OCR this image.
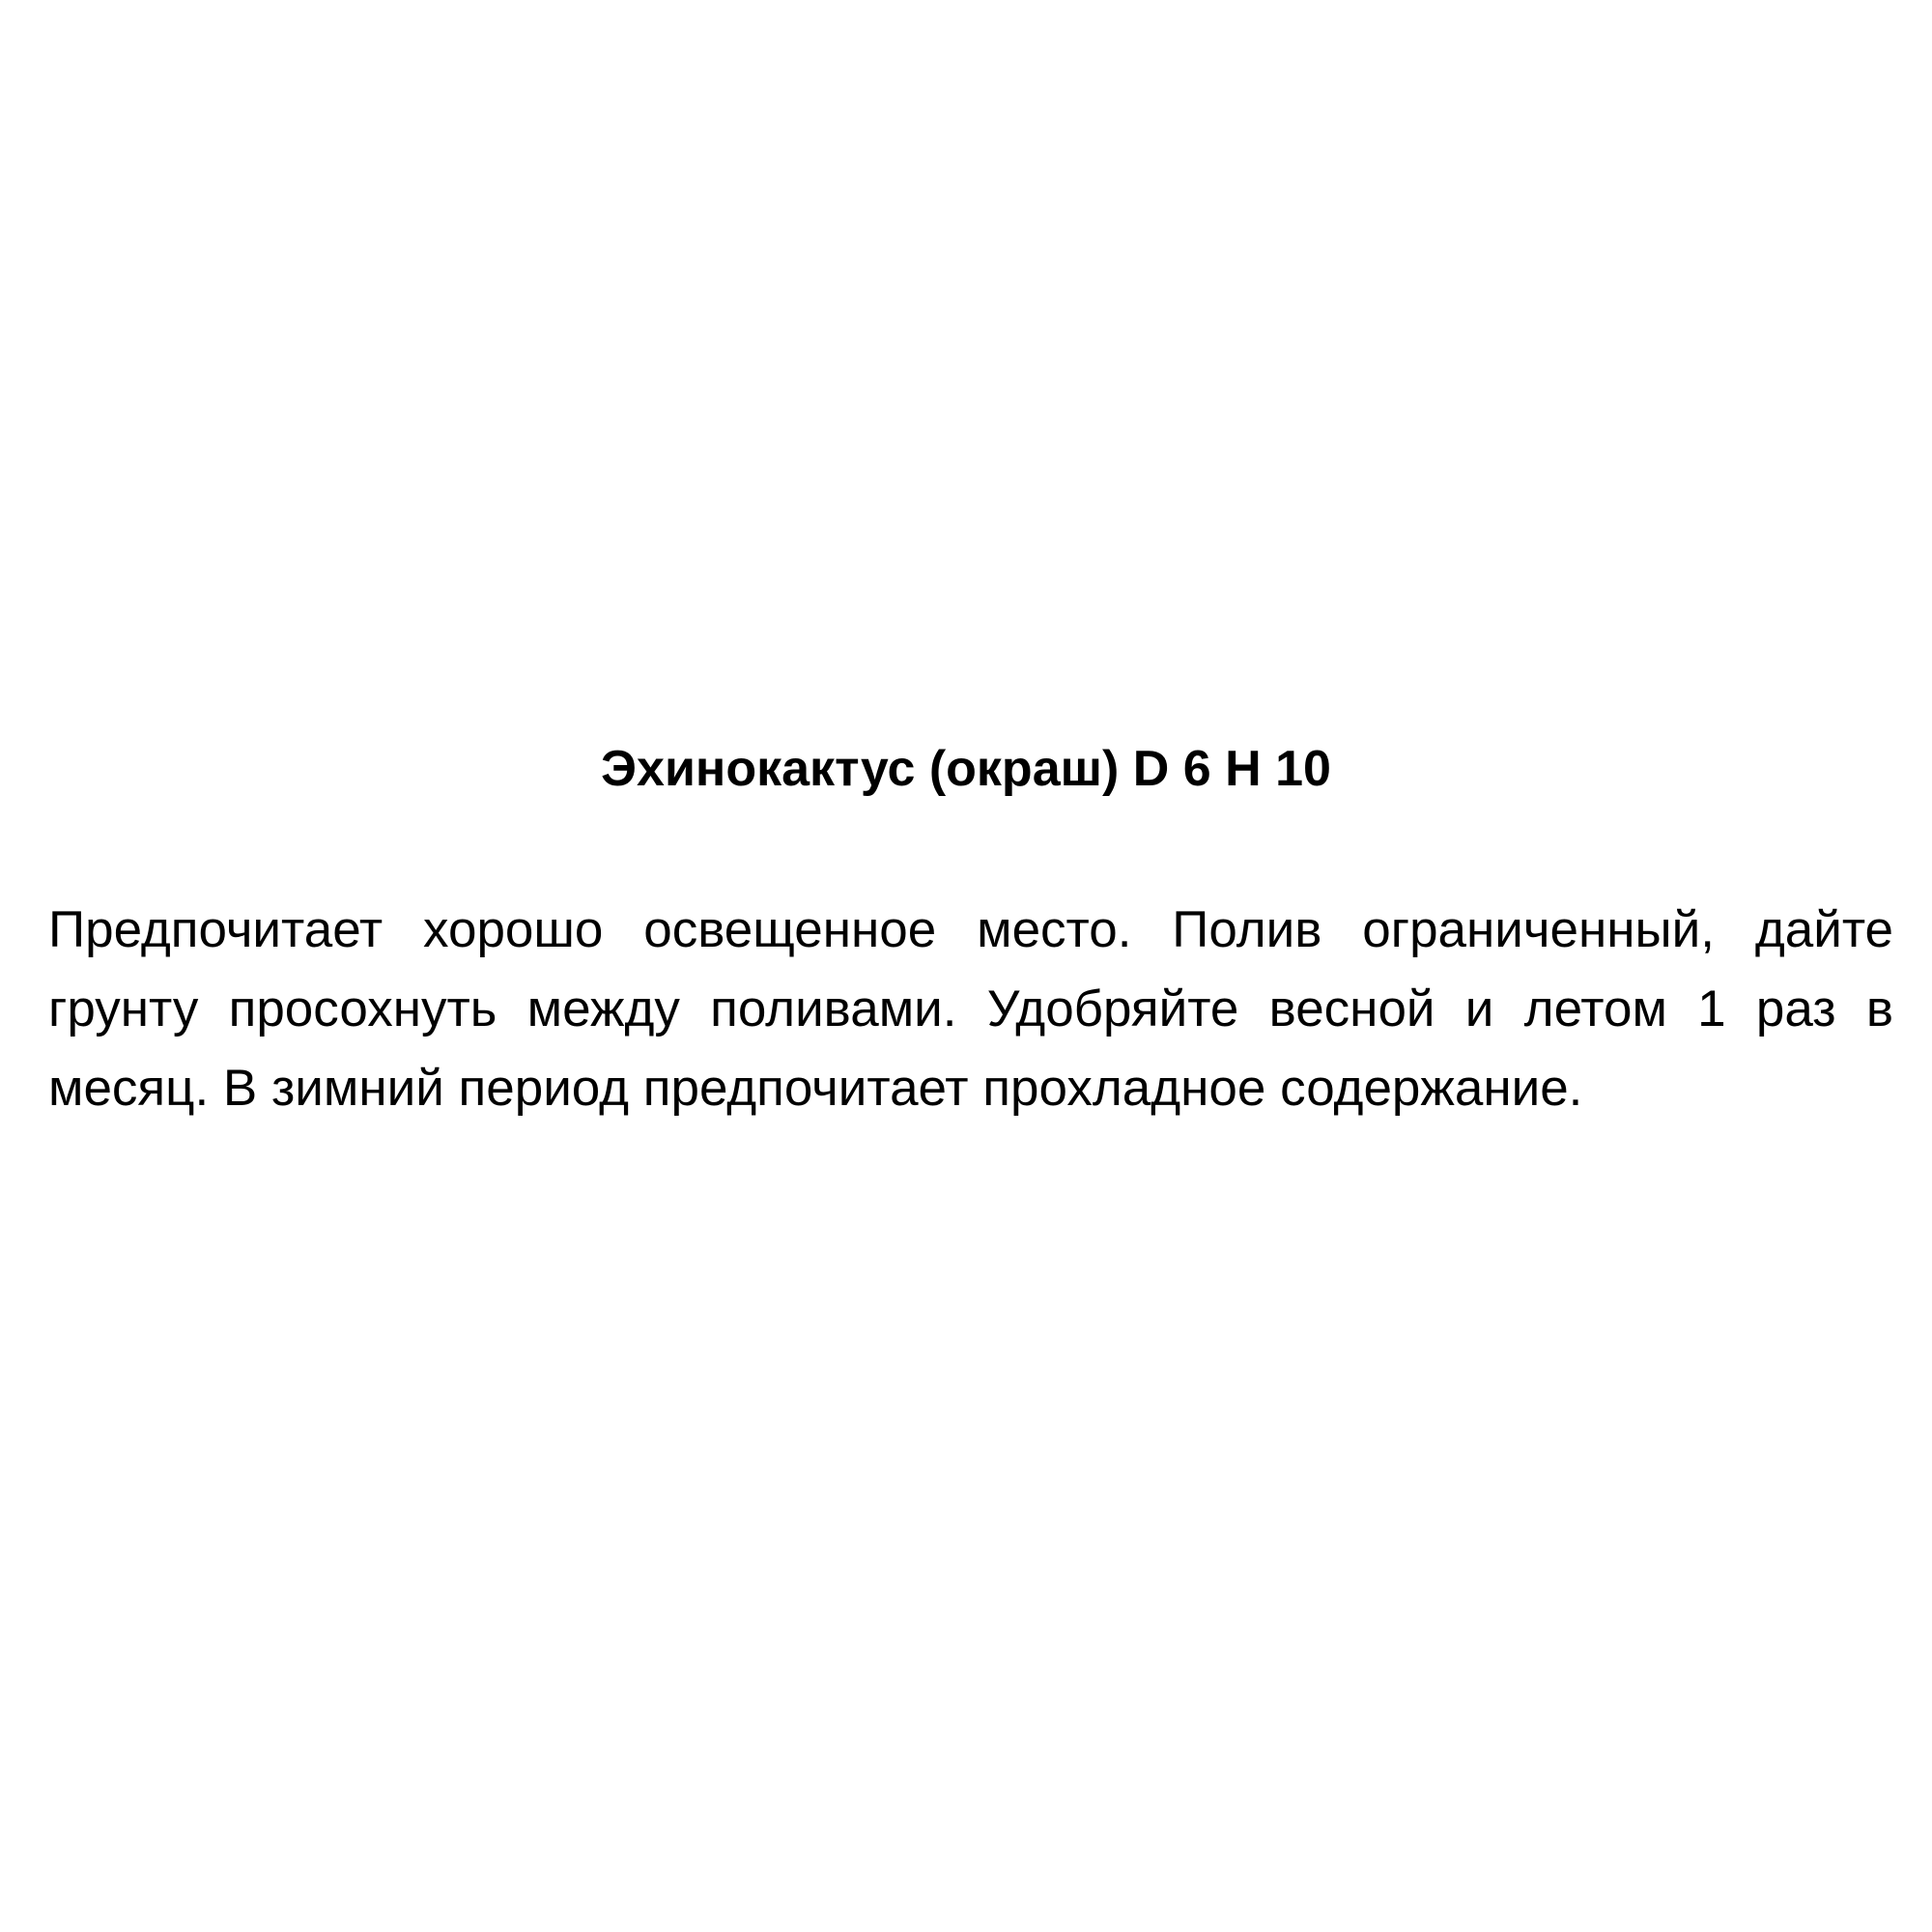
Эхинокактус (окраш) D 6 H 10

Предпочитает хорошо освещенное место. Полив ограниченный, дайте грунту просохнуть между поливами. Удобряйте весной и летом 1 раз в месяц. В зимний период предпочитает прохладное содержание.
